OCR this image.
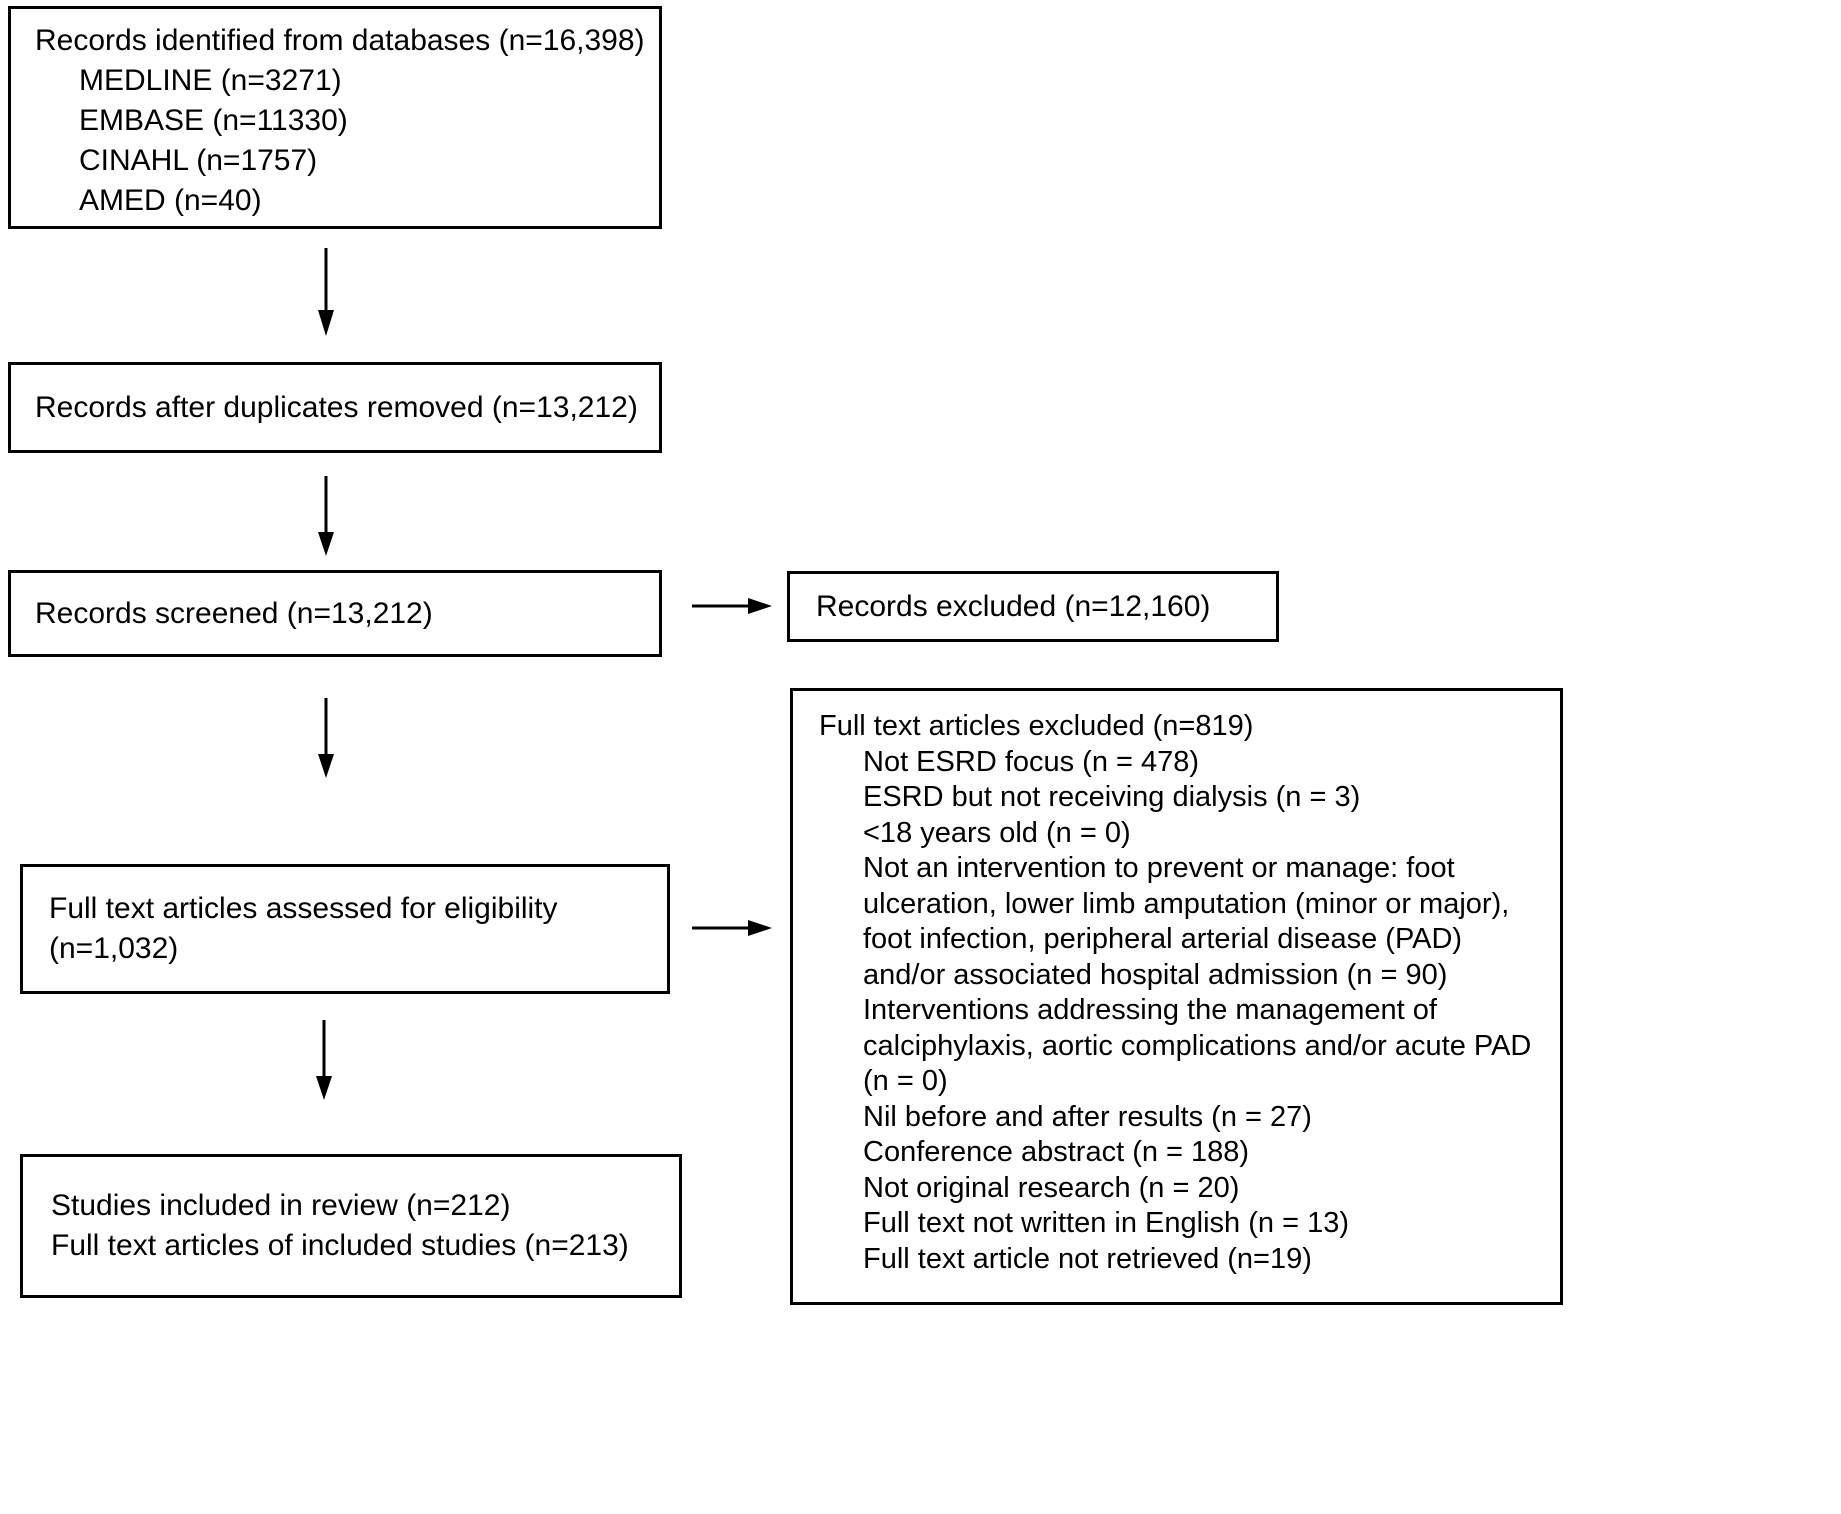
Records identified from databases (n=16,398)
MEDLINE (n=3271)
EMBASE (n=11330)
CINAHL (n=1757)
AMED (n=40)
Records after duplicates removed (n=13,212)
Records screened (n=13,212)	Records excluded (n=12,160)
Full text articles excluded (n=819)
Not ESRD focus (n = 478)
ESRD but not receiving dialysis (n = 3)
<18 years old (n = 0)
Not an intervention to prevent or manage: foot ulceration, lower limb amputation (minor or major), foot infection, peripheral arterial disease (PAD) and/or associated hospital admission (n = 90)
Interventions addressing the management of calciphylaxis, aortic complications and/or acute PAD (n = 0)
Nil before and after results (n = 27)
Conference abstract (n = 188)
Not original research (n = 20)
Full text not written in English (n = 13)
Full text article not retrieved (n=19)
Full text articles assessed for eligibility
(n=1,032)
Studies included in review (n=212)
Full text articles of included studies (n=213)
